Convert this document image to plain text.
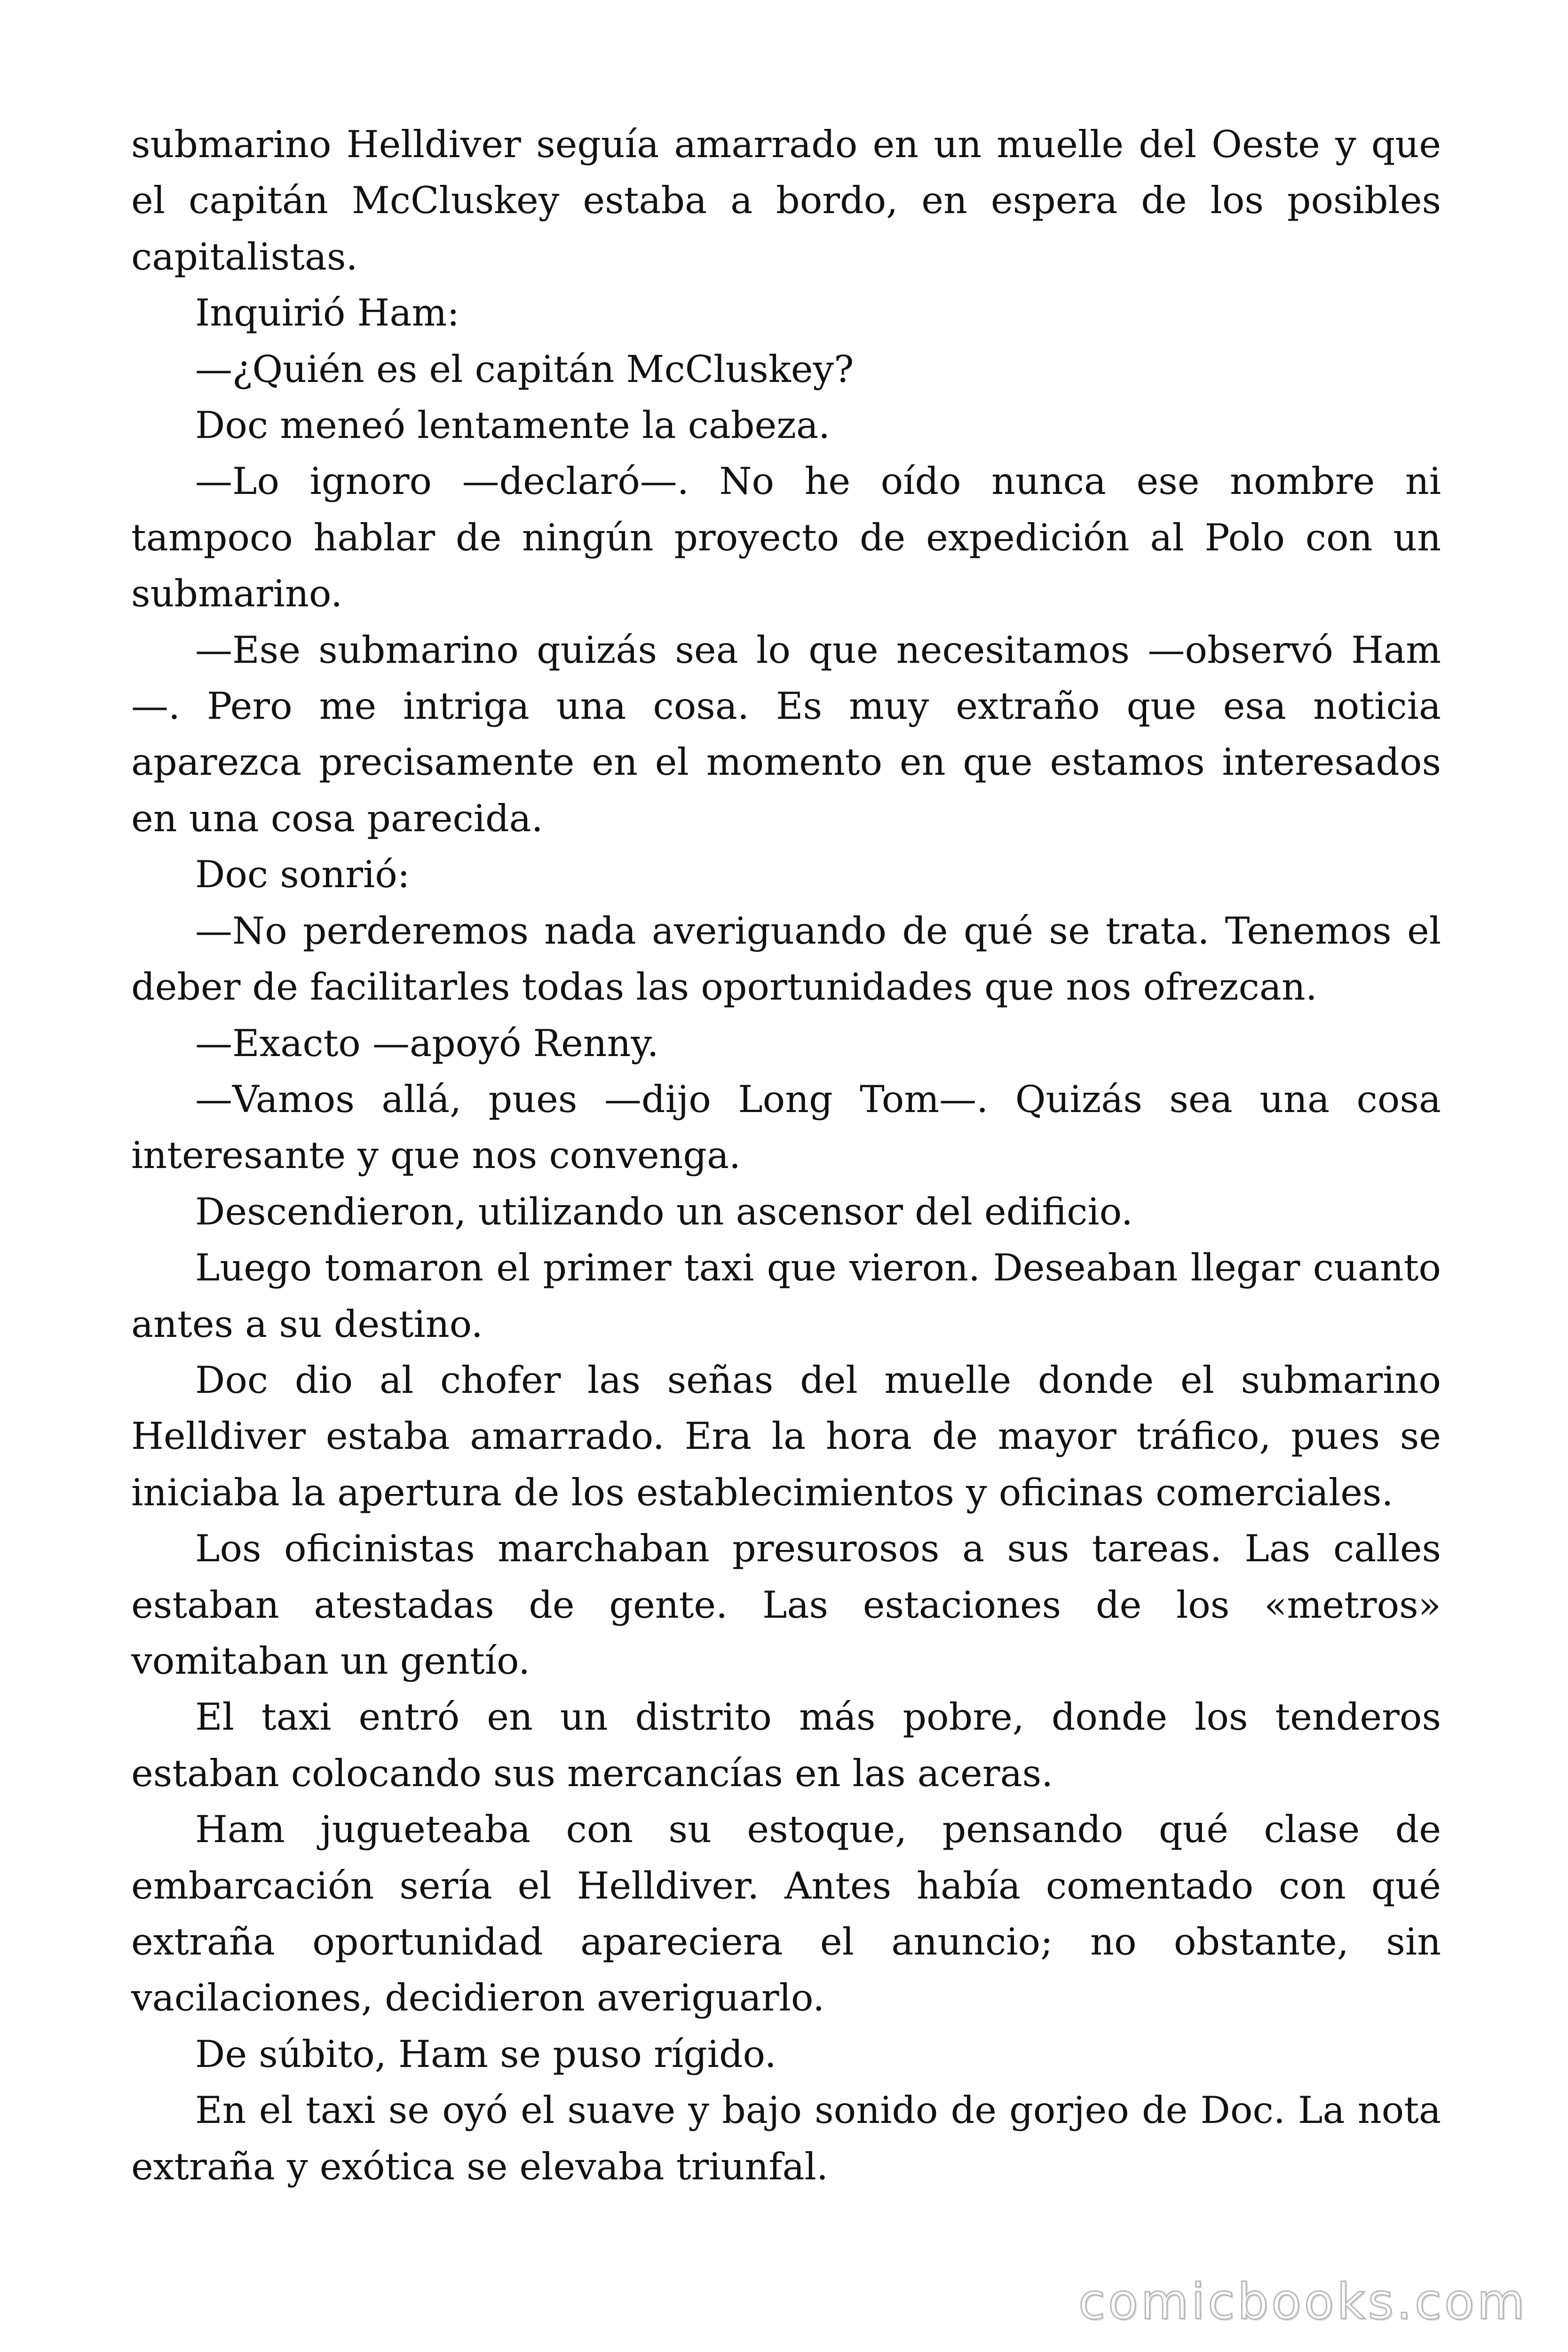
submarino Helldiver seguía amarrado en un muelle del Oeste y que el capitán McCluskey estaba a bordo, en espera de los posibles capitalistas.

Inquirió Ham:

—¿Quién es el capitán McCluskey?

Doc meneó lentamente la cabeza.

—Lo ignoro —declaró—. No he oído nunca ese nombre ni tampoco hablar de ningún proyecto de expedición al Polo con un submarino.

—Ese submarino quizás sea lo que necesitamos —observó Ham —. Pero me intriga una cosa. Es muy extraño que esa noticia aparezca precisamente en el momento en que estamos interesados en una cosa parecida.

Doc sonrió:

—No perderemos nada averiguando de qué se trata. Tenemos el deber de facilitarles todas las oportunidades que nos ofrezcan.

—Exacto —apoyó Renny.

—Vamos allá, pues —dijo Long Tom—. Quizás sea una cosa interesante y que nos convenga.

Descendieron, utilizando un ascensor del edificio.

Luego tomaron el primer taxi que vieron. Deseaban llegar cuanto antes a su destino.

Doc dio al chofer las señas del muelle donde el submarino Helldiver estaba amarrado. Era la hora de mayor tráfico, pues se iniciaba la apertura de los establecimientos y oficinas comerciales.

Los oficinistas marchaban presurosos a sus tareas. Las calles estaban atestadas de gente. Las estaciones de los «metros» vomitaban un gentío.

El taxi entró en un distrito más pobre, donde los tenderos estaban colocando sus mercancías en las aceras.

Ham jugueteaba con su estoque, pensando qué clase de embarcación sería el Helldiver. Antes había comentado con qué extraña oportunidad apareciera el anuncio; no obstante, sin vacilaciones, decidieron averiguarlo.

De súbito, Ham se puso rígido.

En el taxi se oyó el suave y bajo sonido de gorjeo de Doc. La nota extraña y exótica se elevaba triunfal.

comicbooks.com
